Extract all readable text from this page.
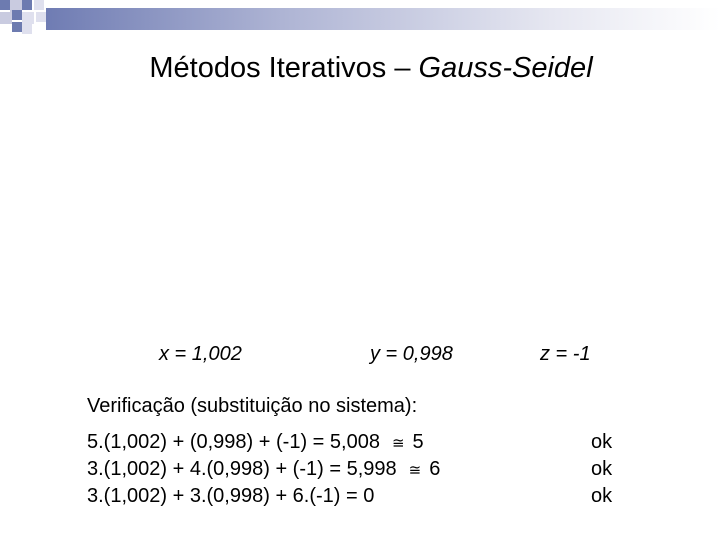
Métodos Iterativos – Gauss-Seidel
x = 1,002	y = 0,998	z = -1
Verificação (substituição no sistema):
5.(1,002) + (0,998) + (-1) = 5,008 ≅ 5
3.(1,002) + 4.(0,998) + (-1) = 5,998 ≅ 6
3.(1,002) + 3.(0,998) + 6.(-1) = 0
ok
ok
ok
